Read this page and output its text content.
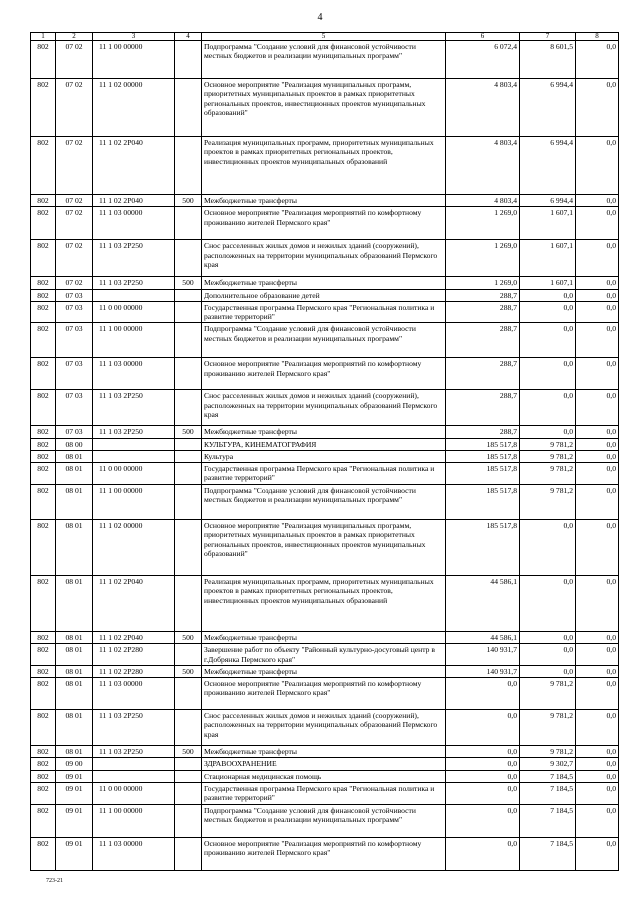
4
1	2	3	4	5	6	7	8
802	07 02	11 1 00 00000		Подпрограмма "Создание условий для финансовой устойчивости местных бюджетов и реализации муниципальных программ"	6 072,4	8 601,5	0,0
802	07 02	11 1 02 00000		Основное мероприятие "Реализация муниципальных программ, приоритетных муниципальных проектов в рамках приоритетных региональных проектов, инвестиционных проектов муниципальных образований"	4 803,4	6 994,4	0,0
802	07 02	11 1 02 2P040		Реализация муниципальных программ, приоритетных муниципальных проектов в рамках приоритетных региональных проектов, инвестиционных проектов муниципальных образований	4 803,4	6 994,4	0,0
802	07 02	11 1 02 2P040	500	Межбюджетные трансферты	4 803,4	6 994,4	0,0
802	07 02	11 1 03 00000		Основное мероприятие "Реализация мероприятий по комфортному проживанию жителей Пермского края"	1 269,0	1 607,1	0,0
802	07 02	11 1 03 2P250		Снос расселенных жилых домов и нежилых зданий (сооружений), расположенных на территории муниципальных образований Пермского края	1 269,0	1 607,1	0,0
802	07 02	11 1 03 2P250	500	Межбюджетные трансферты	1 269,0	1 607,1	0,0
802	07 03			Дополнительное образование детей	288,7	0,0	0,0
802	07 03	11 0 00 00000		Государственная программа Пермского края "Региональная политика и развитие территорий"	288,7	0,0	0,0
802	07 03	11 1 00 00000		Подпрограмма "Создание условий для финансовой устойчивости местных бюджетов и реализации муниципальных программ"	288,7	0,0	0,0
802	07 03	11 1 03 00000		Основное мероприятие "Реализация мероприятий по комфортному проживанию жителей Пермского края"	288,7	0,0	0,0
802	07 03	11 1 03 2P250		Снос расселенных жилых домов и нежилых зданий (сооружений), расположенных на территории муниципальных образований Пермского края	288,7	0,0	0,0
802	07 03	11 1 03 2P250	500	Межбюджетные трансферты	288,7	0,0	0,0
802	08 00			КУЛЬТУРА, КИНЕМАТОГРАФИЯ	185 517,8	9 781,2	0,0
802	08 01			Культура	185 517,8	9 781,2	0,0
802	08 01	11 0 00 00000		Государственная программа Пермского края "Региональная политика и развитие территорий"	185 517,8	9 781,2	0,0
802	08 01	11 1 00 00000		Подпрограмма "Создание условий для финансовой устойчивости местных бюджетов и реализации муниципальных программ"	185 517,8	9 781,2	0,0
802	08 01	11 1 02 00000		Основное мероприятие "Реализация муниципальных программ, приоритетных муниципальных проектов в рамках приоритетных региональных проектов, инвестиционных проектов муниципальных образований"	185 517,8	0,0	0,0
802	08 01	11 1 02 2P040		Реализация муниципальных программ, приоритетных муниципальных проектов в рамках приоритетных региональных проектов, инвестиционных проектов муниципальных образований	44 586,1	0,0	0,0
802	08 01	11 1 02 2P040	500	Межбюджетные трансферты	44 586,1	0,0	0,0
802	08 01	11 1 02 2P280		Завершение работ по объекту "Районный культурно-досуговый центр в г.Добрянка Пермского края"	140 931,7	0,0	0,0
802	08 01	11 1 02 2P280	500	Межбюджетные трансферты	140 931,7	0,0	0,0
802	08 01	11 1 03 00000		Основное мероприятие "Реализация мероприятий по комфортному проживанию жителей Пермского края"	0,0	9 781,2	0,0
802	08 01	11 1 03 2P250		Снос расселенных жилых домов и нежилых зданий (сооружений), расположенных на территории муниципальных образований Пермского края	0,0	9 781,2	0,0
802	08 01	11 1 03 2P250	500	Межбюджетные трансферты	0,0	9 781,2	0,0
802	09 00			ЗДРАВООХРАНЕНИЕ	0,0	9 302,7	0,0
802	09 01			Стационарная медицинская помощь	0,0	7 184,5	0,0
802	09 01	11 0 00 00000		Государственная программа Пермского края "Региональная политика и развитие территорий"	0,0	7 184,5	0,0
802	09 01	11 1 00 00000		Подпрограмма "Создание условий для финансовой устойчивости местных бюджетов и реализации муниципальных программ"	0,0	7 184,5	0,0
802	09 01	11 1 03 00000		Основное мероприятие "Реализация мероприятий по комфортному проживанию жителей Пермского края"	0,0	7 184,5	0,0
723-21
